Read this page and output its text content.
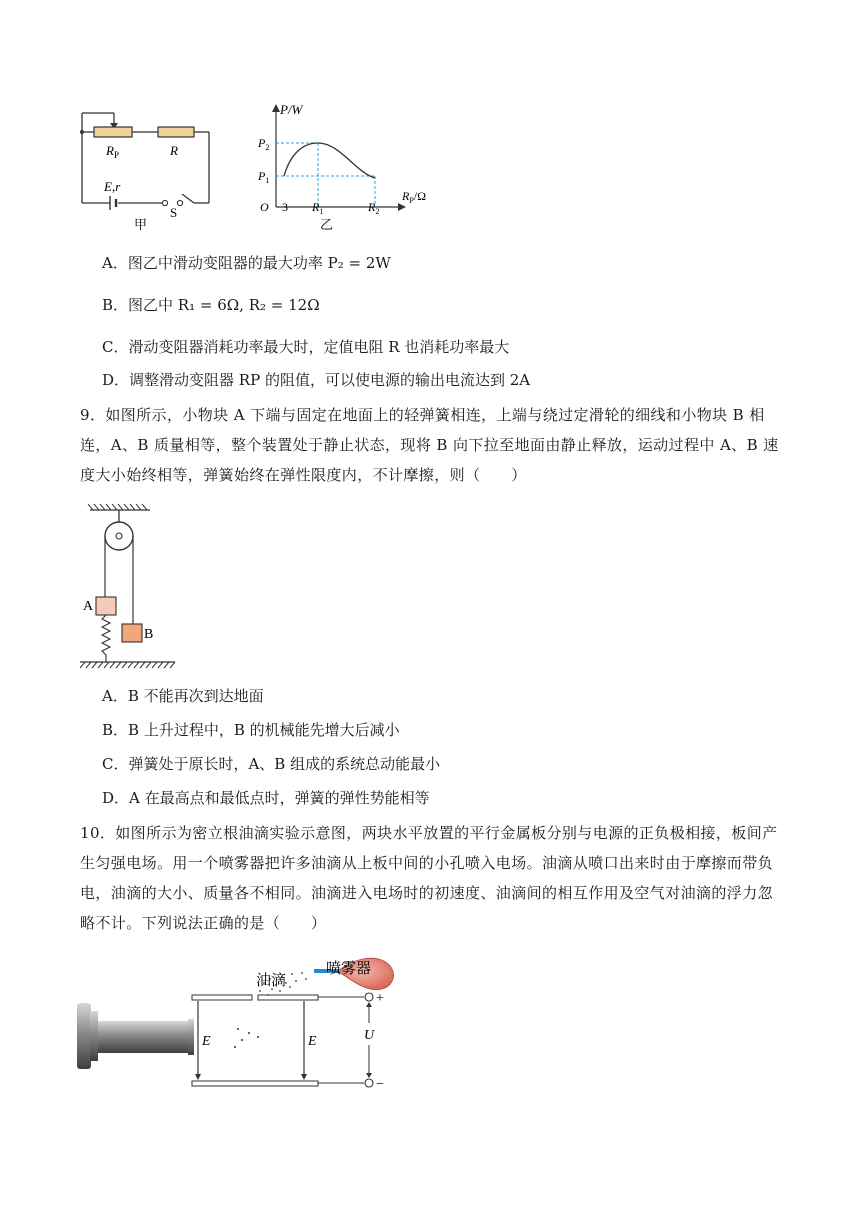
$R_P$	R
E,r
S
甲
P/W
$P_2$
$P_1$
O 3 $R_1$	$R_2$
$R_P/\Omega$
乙
A．图乙中滑动变阻器的最大功率 P₂ = 2W
B．图乙中 R₁ = 6Ω, R₂ = 12Ω
C．滑动变阻器消耗功率最大时，定值电阻 R 也消耗功率最大
D．调整滑动变阻器 RP 的阻值，可以使电源的输出电流达到 2A
9．如图所示，小物块 A 下端与固定在地面上的轻弹簧相连，上端与绕过定滑轮的细线和小物块 B 相连，A、B 质量相等，整个装置处于静止状态，现将 B 向下拉至地面由静止释放，运动过程中 A、B 速度大小始终相等，弹簧始终在弹性限度内，不计摩擦，则（　　）
A
B
A．B 不能再次到达地面
B．B 上升过程中，B 的机械能先增大后减小
C．弹簧处于原长时，A、B 组成的系统总动能最小
D．A 在最高点和最低点时，弹簧的弹性势能相等
10．如图所示为密立根油滴实验示意图，两块水平放置的平行金属板分别与电源的正负极相接，板间产生匀强电场。用一个喷雾器把许多油滴从上板中间的小孔喷入电场。油滴从喷口出来时由于摩擦而带负电，油滴的大小、质量各不相同。油滴进入电场时的初速度、油滴间的相互作用及空气对油滴的浮力忽略不计。下列说法正确的是（　　）
油滴
喷雾器
E	E	U
+
−
